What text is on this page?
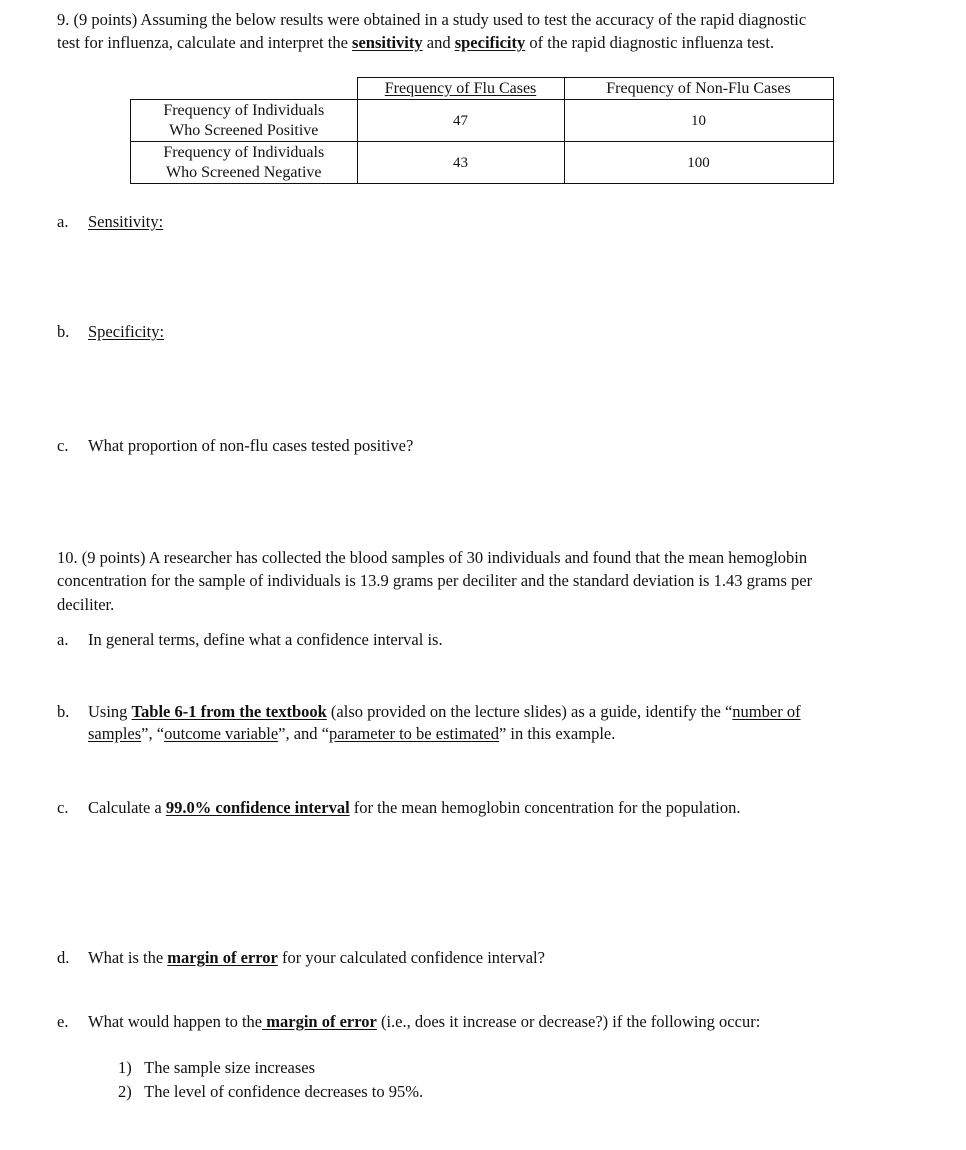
9. (9 points) Assuming the below results were obtained in a study used to test the accuracy of the rapid diagnostic
test for influenza, calculate and interpret the sensitivity and specificity of the rapid diagnostic influenza test.
	Frequency of Flu Cases	Frequency of Non-Flu Cases

Frequency of Individuals
Who Screened Positive	47	10

Frequency of Individuals
Who Screened Negative	43	100
a. Sensitivity:
b. Specificity:
c. What proportion of non-flu cases tested positive?
10. (9 points) A researcher has collected the blood samples of 30 individuals and found that the mean hemoglobin
concentration for the sample of individuals is 13.9 grams per deciliter and the standard deviation is 1.43 grams per
deciliter.
a. In general terms, define what a confidence interval is.
b. Using Table 6-1 from the textbook (also provided on the lecture slides) as a guide, identify the “number of
samples”, “outcome variable”, and “parameter to be estimated” in this example.
c. Calculate a 99.0% confidence interval for the mean hemoglobin concentration for the population.
d. What is the margin of error for your calculated confidence interval?
e. What would happen to the margin of error (i.e., does it increase or decrease?) if the following occur:
1) The sample size increases
2) The level of confidence decreases to 95%.
